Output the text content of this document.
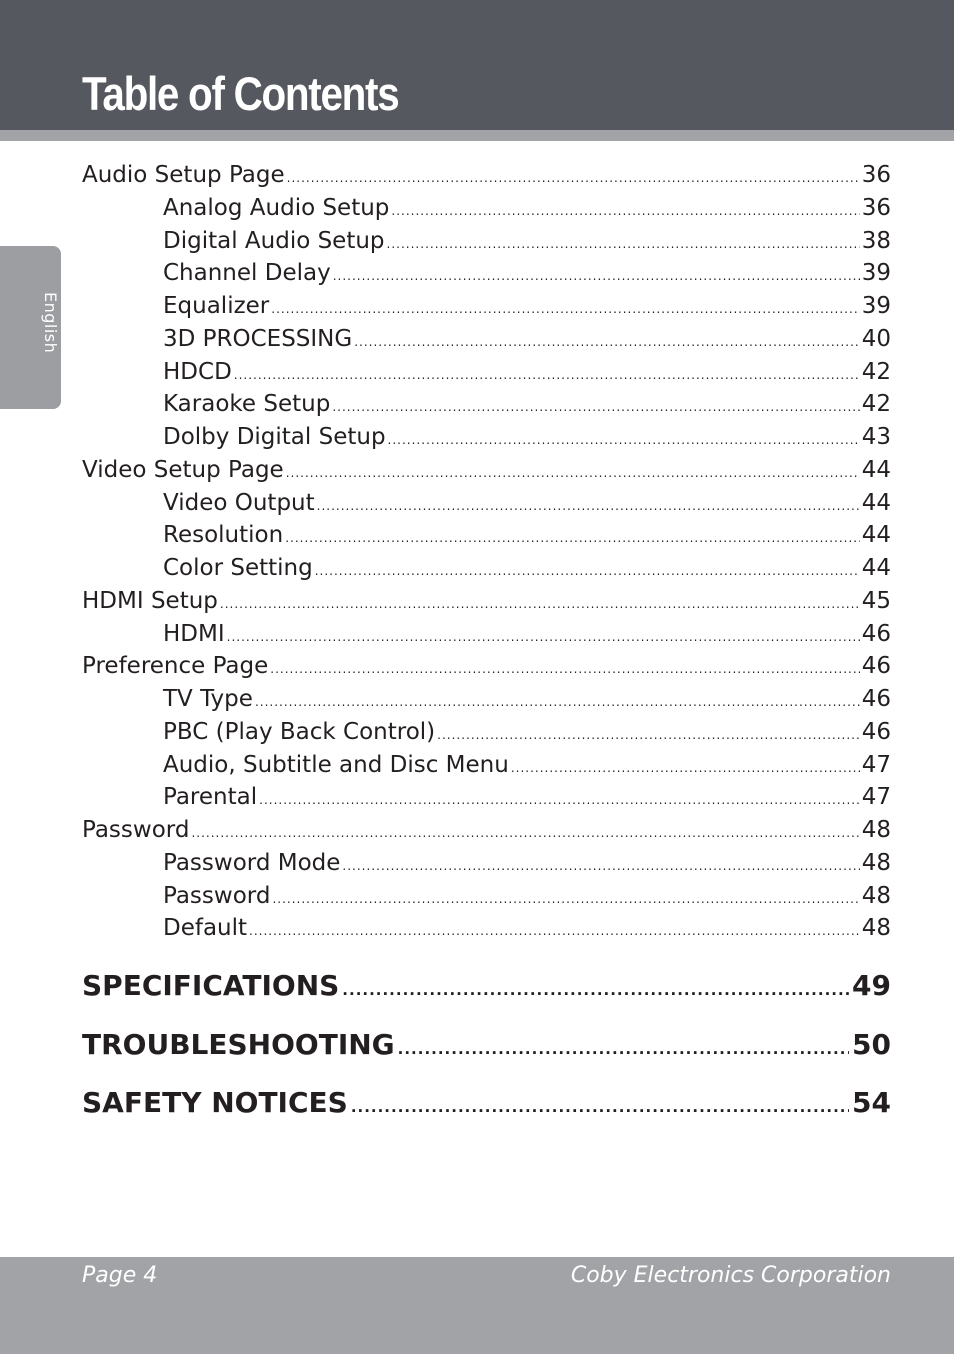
Table of Contents
English
Audio Setup Page .....	36
Analog Audio Setup .....	36
Digital Audio Setup .....	38
Channel Delay .....	39
Equalizer .....	39
3D PROCESSING .....	40
HDCD .....	42
Karaoke Setup .....	42
Dolby Digital Setup .....	43
Video Setup Page .....	44
Video Output .....	44
Resolution .....	44
Color Setting .....	44
HDMI Setup .....	45
HDMI .....	46
Preference Page .....	46
TV Type .....	46
PBC (Play Back Control) .....	46
Audio, Subtitle and Disc Menu .....	47
Parental .....	47
Password .....	48
Password Mode .....	48
Password .....	48
Default .....	48
SPECIFICATIONS .....	49
TROUBLESHOOTING .....	50
SAFETY NOTICES .....	54
Page 4	Coby Electronics Corporation
